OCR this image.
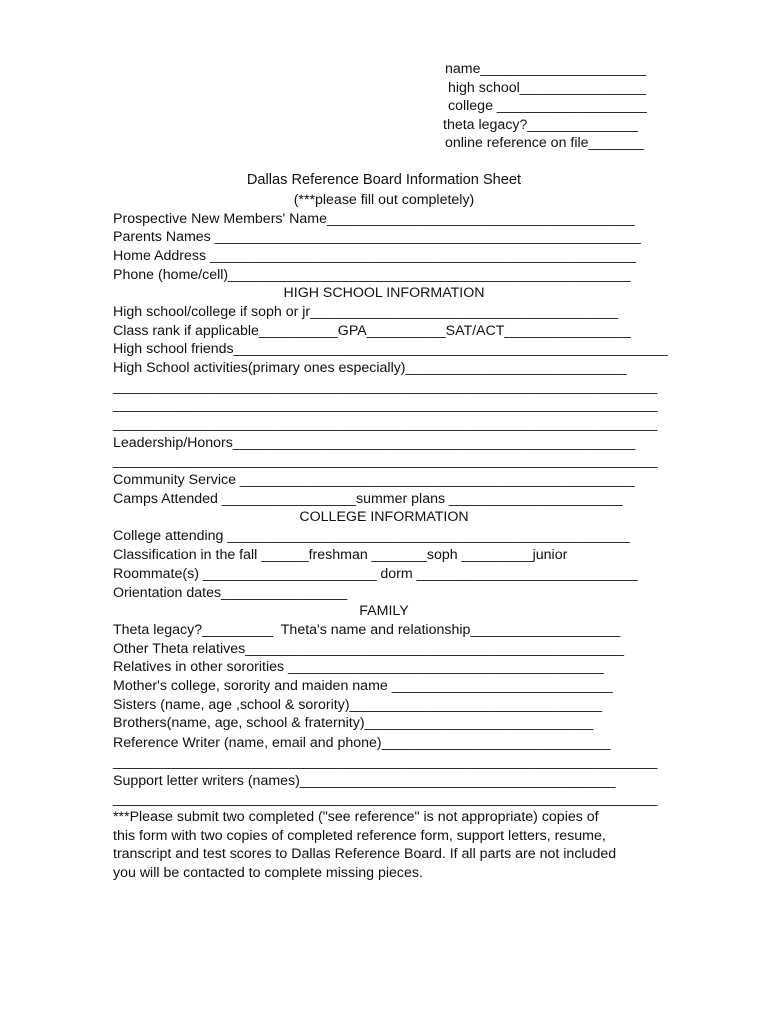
name_____________________
high school________________
college ___________________
theta legacy?______________
online reference on file_______
Dallas Reference Board Information Sheet
(***please fill out completely)
Prospective New Members' Name_______________________________________
Parents Names ______________________________________________________
Home Address ______________________________________________________
Phone (home/cell)___________________________________________________
HIGH SCHOOL INFORMATION
High school/college if soph or jr_______________________________________
Class rank if applicable__________GPA__________SAT/ACT________________
High school friends_______________________________________________________
High School activities(primary ones especially)____________________________
_____________________________________________________________________
_____________________________________________________________________
_____________________________________________________________________
Leadership/Honors___________________________________________________
_____________________________________________________________________
Community Service __________________________________________________
Camps Attended _________________summer plans ______________________
COLLEGE INFORMATION
College attending ___________________________________________________
Classification in the fall ______freshman _______soph _________junior
Roommate(s) ______________________ dorm ____________________________
Orientation dates________________
FAMILY
Theta legacy?_________  Theta's name and relationship___________________
Other Theta relatives________________________________________________
Relatives in other sororities ________________________________________
Mother's college, sorority and maiden name ____________________________
Sisters (name, age ,school & sorority)________________________________
Brothers(name, age, school & fraternity)_____________________________
Reference Writer (name, email and phone)_____________________________
_____________________________________________________________________
Support letter writers (names)________________________________________
_____________________________________________________________________
***Please submit two completed ("see reference" is not appropriate) copies of
this form with two copies of completed reference form, support letters, resume,
transcript and test scores to Dallas Reference Board. If all parts are not included
you will be contacted to complete missing pieces.
